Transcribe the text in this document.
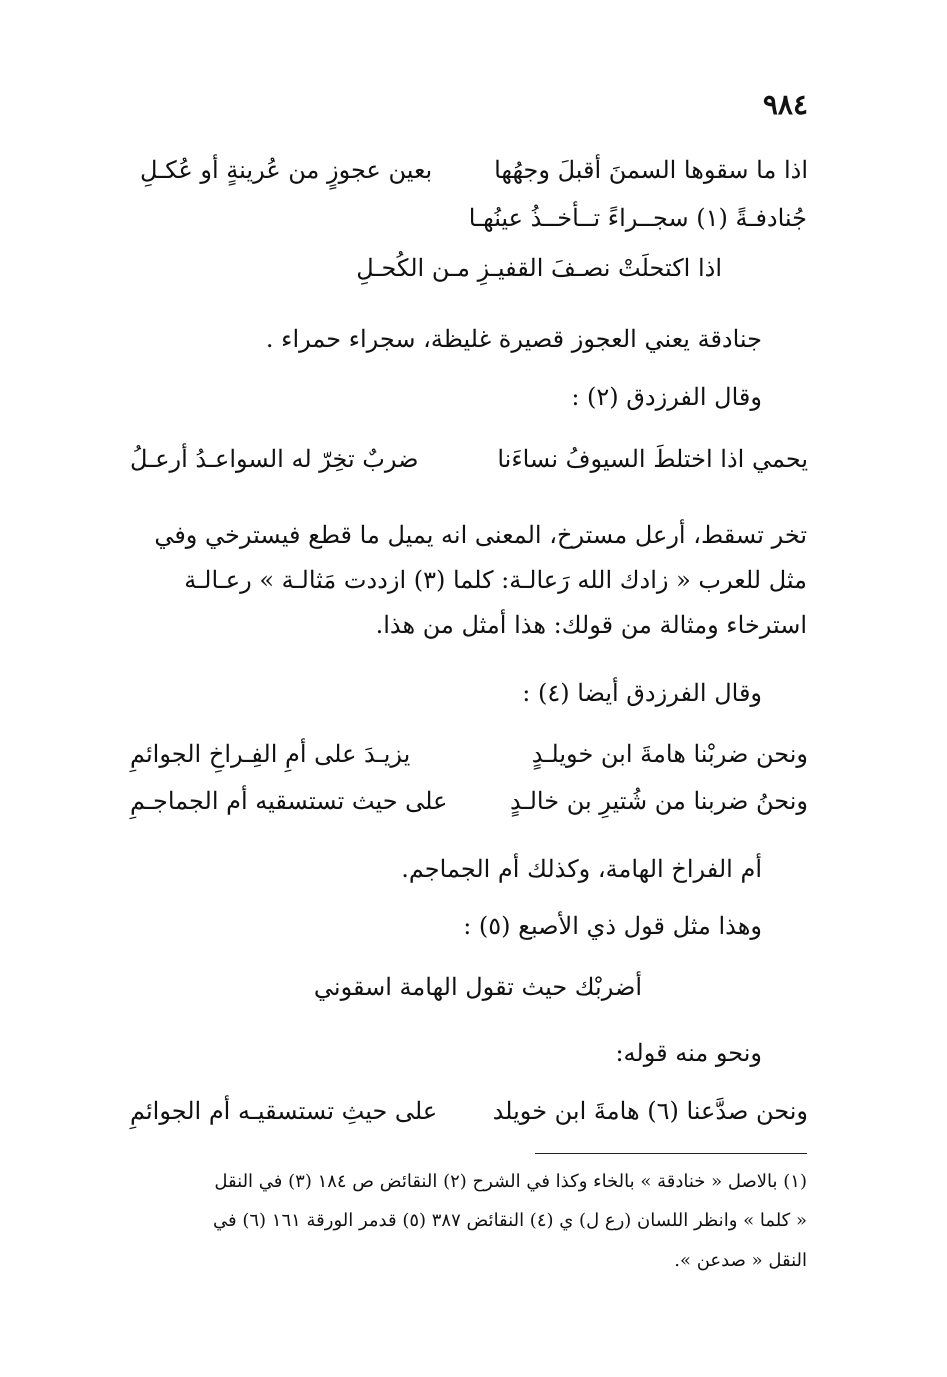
٩٨٤
اذا ما سقوها السمنَ أقبلَ وجهُها
بعين عجوزٍ من عُرينةٍ أو عُكـلِ
جُنادفـةً (١) سجــراءً تــأخــذُ عينُهـا
اذا اكتحلَتْ نصـفَ القفيـزِ مـن الكُحـلِ
جنادقة يعني العجوز قصيرة غليظة، سجراء حمراء .
وقال الفرزدق (٢) :
يحمي اذا اختلطَ السيوفُ نساءَنا
ضربٌ تخِرّ له السواعـدُ أرعـلُ
تخر تسقط، أرعل مسترخ، المعنى انه يميل ما قطع فيسترخي وفي
مثل للعرب « زادك الله رَعالـة: كلما (٣) ازددت مَثالـة » رعـالـة
استرخاء ومثالة من قولك: هذا أمثل من هذا.
وقال الفرزدق أيضا (٤) :
ونحن ضربْنا هامةَ ابن خويلـدٍ
يزيـدَ على أمِ الفِـراخِ الجوائمِ
ونحنُ ضربنا من شُتيرِ بن خالـدٍ
على حيث تستسقيه أم الجماجـمِ
أم الفراخ الهامة، وكذلك أم الجماجم.
وهذا مثل قول ذي الأصبع (٥) :
أضربْك حيث تقول الهامة اسقوني
ونحو منه قوله:
ونحن صدَّعنا (٦) هامةَ ابن خويلد
على حيثِ تستسقيـه أم الجوائمِ
(١) بالاصل « خنادقة » بالخاء وكذا في الشرح (٢) النقائض ص ١٨٤ (٣) في النقل
« كلما » وانظر اللسان (رع ل) ي (٤) النقائض ٣٨٧ (٥) قدمر الورقة ١٦١ (٦) في
النقل « صدعن ».
